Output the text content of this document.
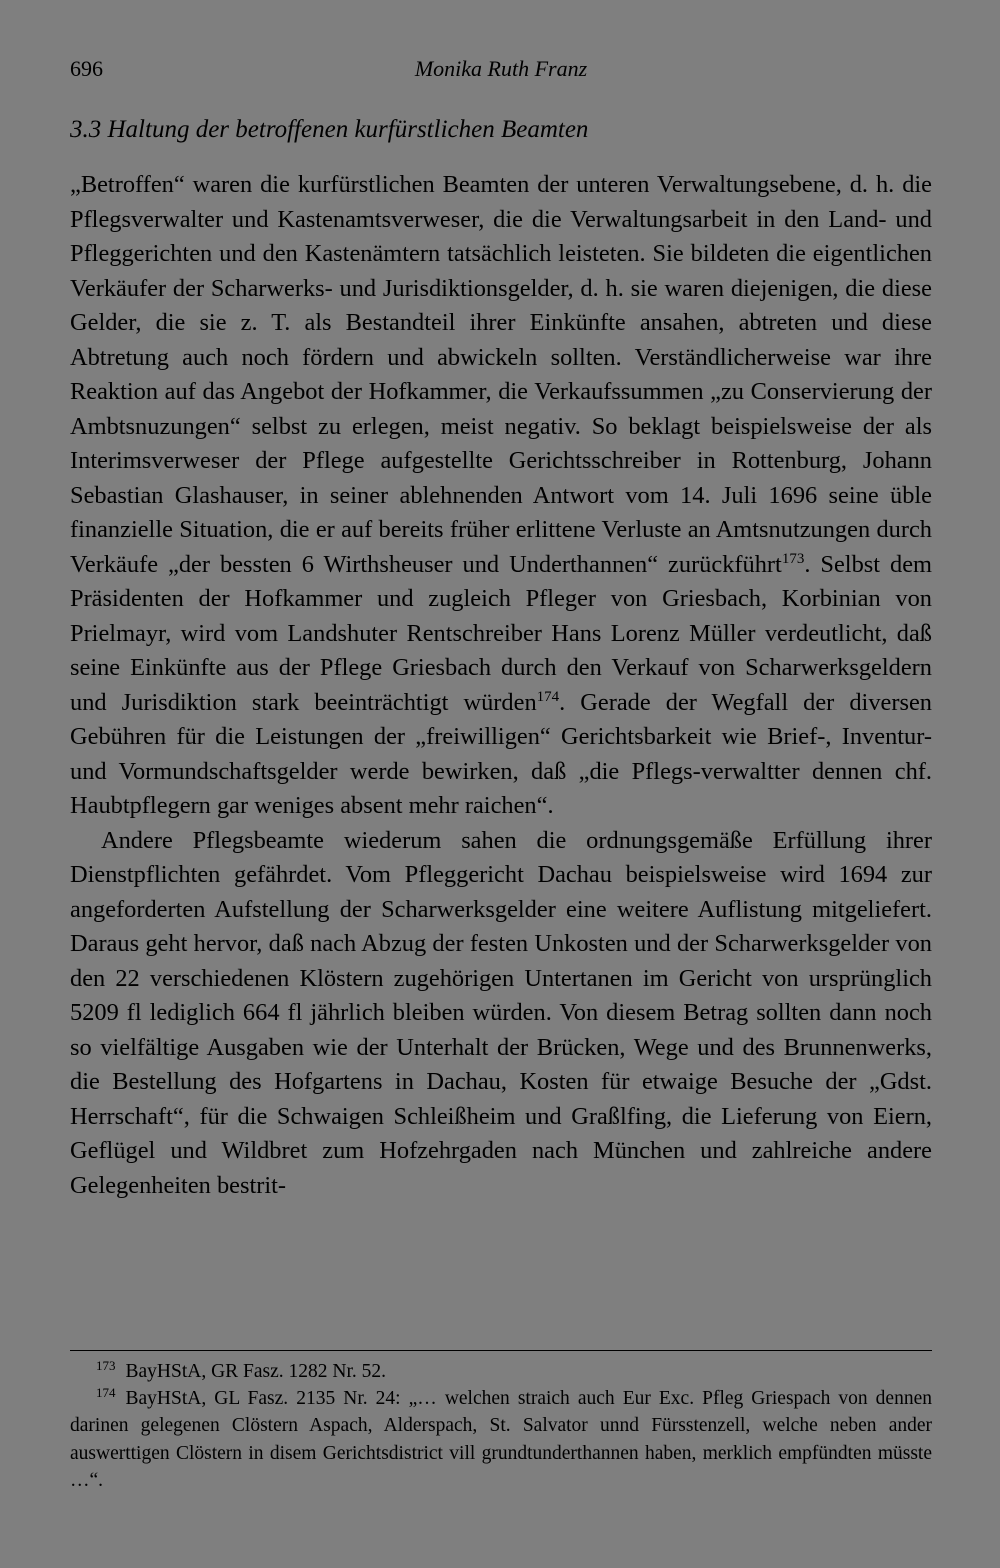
696	Monika Ruth Franz
3.3 Haltung der betroffenen kurfürstlichen Beamten

„Betroffen“ waren die kurfürstlichen Beamten der unteren Verwaltungsebene, d. h. die Pflegsverwalter und Kastenamtsverweser, die die Verwaltungsarbeit in den Land- und Pfleggerichten und den Kastenämtern tatsächlich leisteten. Sie bildeten die eigentlichen Verkäufer der Scharwerks- und Jurisdiktionsgelder, d. h. sie waren diejenigen, die diese Gelder, die sie z. T. als Bestandteil ihrer Einkünfte ansahen, abtreten und diese Abtretung auch noch fördern und abwickeln sollten. Verständlicherweise war ihre Reaktion auf das Angebot der Hofkammer, die Verkaufssummen „zu Conservierung der Ambtsnuzungen“ selbst zu erlegen, meist negativ. So beklagt beispielsweise der als Interimsverweser der Pflege aufgestellte Gerichtsschreiber in Rottenburg, Johann Sebastian Glashauser, in seiner ablehnenden Antwort vom 14. Juli 1696 seine üble finanzielle Situation, die er auf bereits früher erlittene Verluste an Amtsnutzungen durch Verkäufe „der bessten 6 Wirthsheuser und Underthannen“ zurückführt$^{173}$. Selbst dem Präsidenten der Hofkammer und zugleich Pfleger von Griesbach, Korbinian von Prielmayr, wird vom Landshuter Rentschreiber Hans Lorenz Müller verdeutlicht, daß seine Einkünfte aus der Pflege Griesbach durch den Verkauf von Scharwerksgeldern und Jurisdiktion stark beeinträchtigt würden$^{174}$. Gerade der Wegfall der diversen Gebühren für die Leistungen der „freiwilligen“ Gerichtsbarkeit wie Brief-, Inventur- und Vormundschaftsgelder werde bewirken, daß „die Pflegs-verwaltter dennen chf. Haubtpflegern gar weniges absent mehr raichen“.

Andere Pflegsbeamte wiederum sahen die ordnungsgemäße Erfüllung ihrer Dienstpflichten gefährdet. Vom Pfleggericht Dachau beispielsweise wird 1694 zur angeforderten Aufstellung der Scharwerksgelder eine weitere Auflistung mitgeliefert. Daraus geht hervor, daß nach Abzug der festen Unkosten und der Scharwerksgelder von den 22 verschiedenen Klöstern zugehörigen Untertanen im Gericht von ursprünglich 5209 fl lediglich 664 fl jährlich bleiben würden. Von diesem Betrag sollten dann noch so vielfältige Ausgaben wie der Unterhalt der Brücken, Wege und des Brunnenwerks, die Bestellung des Hofgartens in Dachau, Kosten für etwaige Besuche der „Gdst. Herrschaft“, für die Schwaigen Schleißheim und Graßlfing, die Lieferung von Eiern, Geflügel und Wildbret zum Hofzehrgaden nach München und zahlreiche andere Gelegenheiten bestrit-

$^{173}$ BayHStA, GR Fasz. 1282 Nr. 52.

$^{174}$ BayHStA, GL Fasz. 2135 Nr. 24: „… welchen straich auch Eur Exc. Pfleg Griespach von dennen darinen gelegenen Clöstern Aspach, Alderspach, St. Salvator unnd Fürsstenzell, welche neben ander auswerttigen Clöstern in disem Gerichtsdistrict vill grundtunderthannen haben, merklich empfündten müsste …“.
